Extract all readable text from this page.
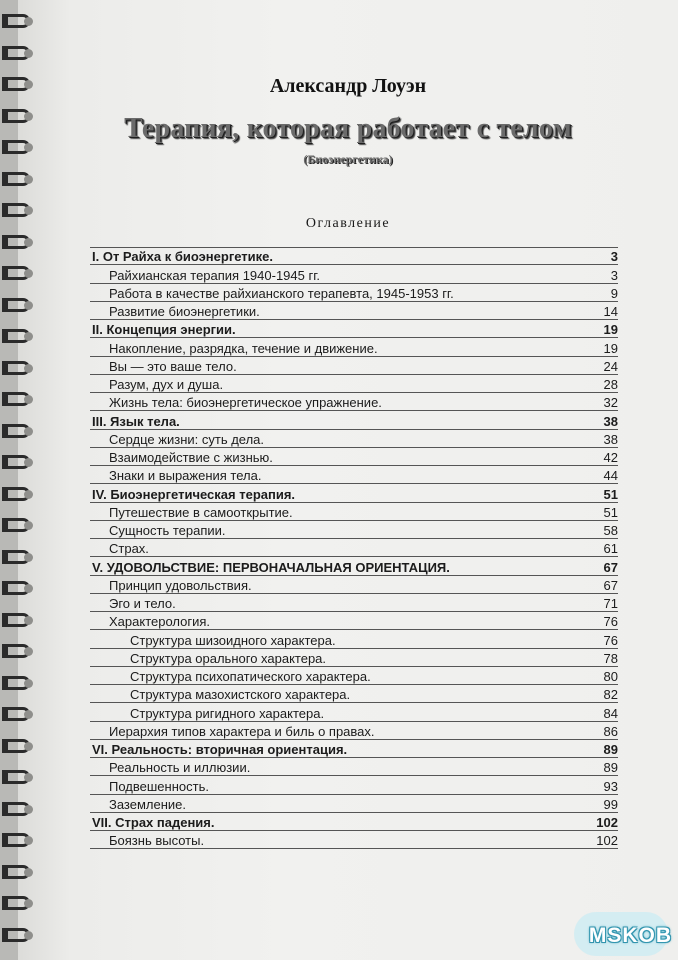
Александр Лоуэн
Терапия, которая работает с телом
(Биоэнергетика)
Оглавление
I. От Райха к биоэнергетике.	3
Райхианская терапия 1940-1945 гг.	3
Работа в качестве райхианского терапевта, 1945-1953 гг.	9
Развитие биоэнергетики.	14
II. Концепция энергии.	19
Накопление, разрядка, течение и движение.	19
Вы — это ваше тело.	24
Разум, дух и душа.	28
Жизнь тела: биоэнергетическое упражнение.	32
III. Язык тела.	38
Сердце жизни: суть дела.	38
Взаимодействие с жизнью.	42
Знаки и выражения тела.	44
IV. Биоэнергетическая терапия.	51
Путешествие в самооткрытие.	51
Сущность терапии.	58
Страх.	61
V. УДОВОЛЬСТВИЕ: ПЕРВОНАЧАЛЬНАЯ ОРИЕНТАЦИЯ.	67
Принцип удовольствия.	67
Эго и тело.	71
Характерология.	76
Структура шизоидного характера.	76
Структура орального характера.	78
Структура психопатического характера.	80
Структура мазохистского характера.	82
Структура ригидного характера.	84
Иерархия типов характера и биль о правах.	86
VI. Реальность: вторичная ориентация.	89
Реальность и иллюзии.	89
Подвешенность.	93
Заземление.	99
VII. Страх падения.	102
Боязнь высоты.	102
MSKOB
